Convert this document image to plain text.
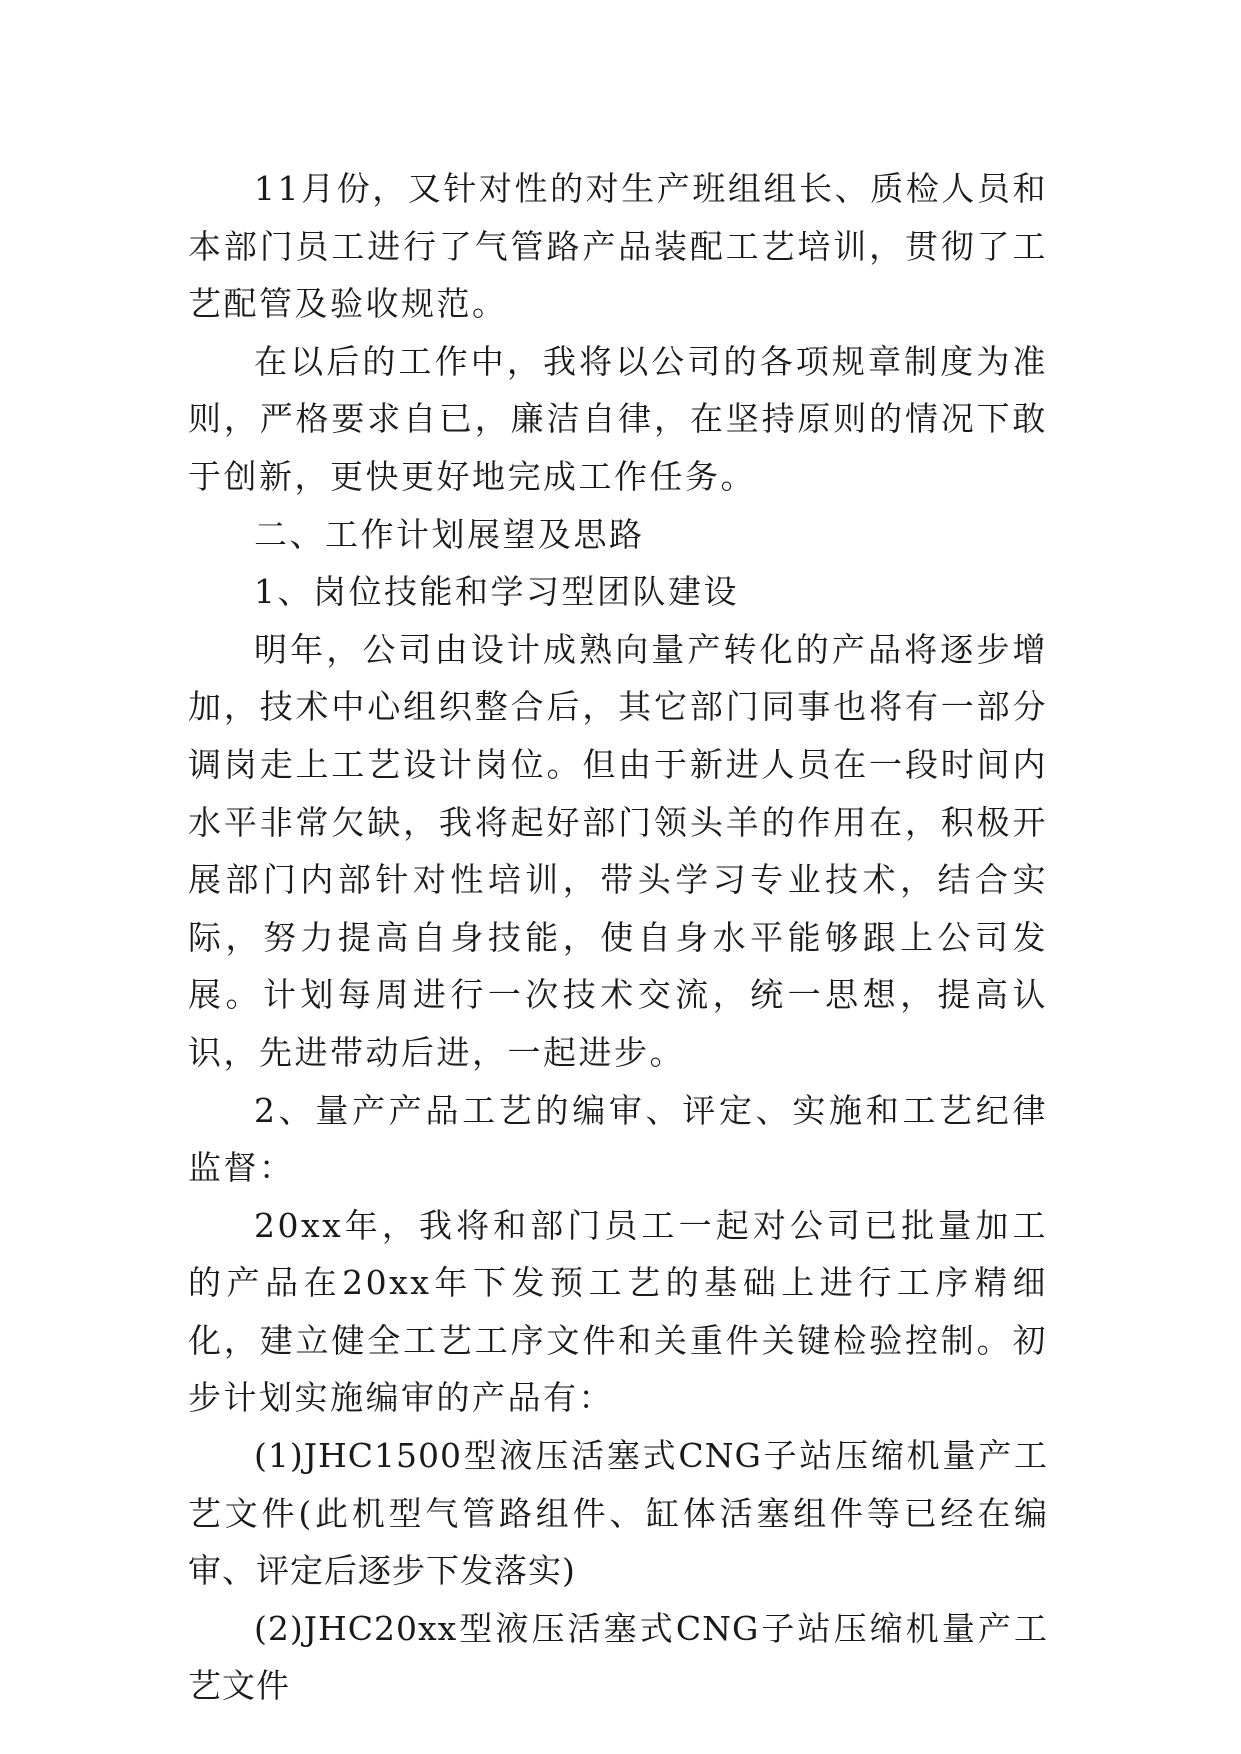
11月份，又针对性的对生产班组组长、质检人员和本部门员工进行了气管路产品装配工艺培训，贯彻了工艺配管及验收规范。

在以后的工作中，我将以公司的各项规章制度为准则，严格要求自已，廉洁自律，在坚持原则的情况下敢于创新，更快更好地完成工作任务。

二、工作计划展望及思路

1、岗位技能和学习型团队建设

明年，公司由设计成熟向量产转化的产品将逐步增加，技术中心组织整合后，其它部门同事也将有一部分调岗走上工艺设计岗位。但由于新进人员在一段时间内水平非常欠缺，我将起好部门领头羊的作用在，积极开展部门内部针对性培训，带头学习专业技术，结合实际，努力提高自身技能，使自身水平能够跟上公司发展。计划每周进行一次技术交流，统一思想，提高认识，先进带动后进，一起进步。

2、量产产品工艺的编审、评定、实施和工艺纪律监督：

20xx年，我将和部门员工一起对公司已批量加工的产品在20xx年下发预工艺的基础上进行工序精细化，建立健全工艺工序文件和关重件关键检验控制。初步计划实施编审的产品有：

(1)JHC1500型液压活塞式CNG子站压缩机量产工艺文件(此机型气管路组件、缸体活塞组件等已经在编审、评定后逐步下发落实)

(2)JHC20xx型液压活塞式CNG子站压缩机量产工艺文件
